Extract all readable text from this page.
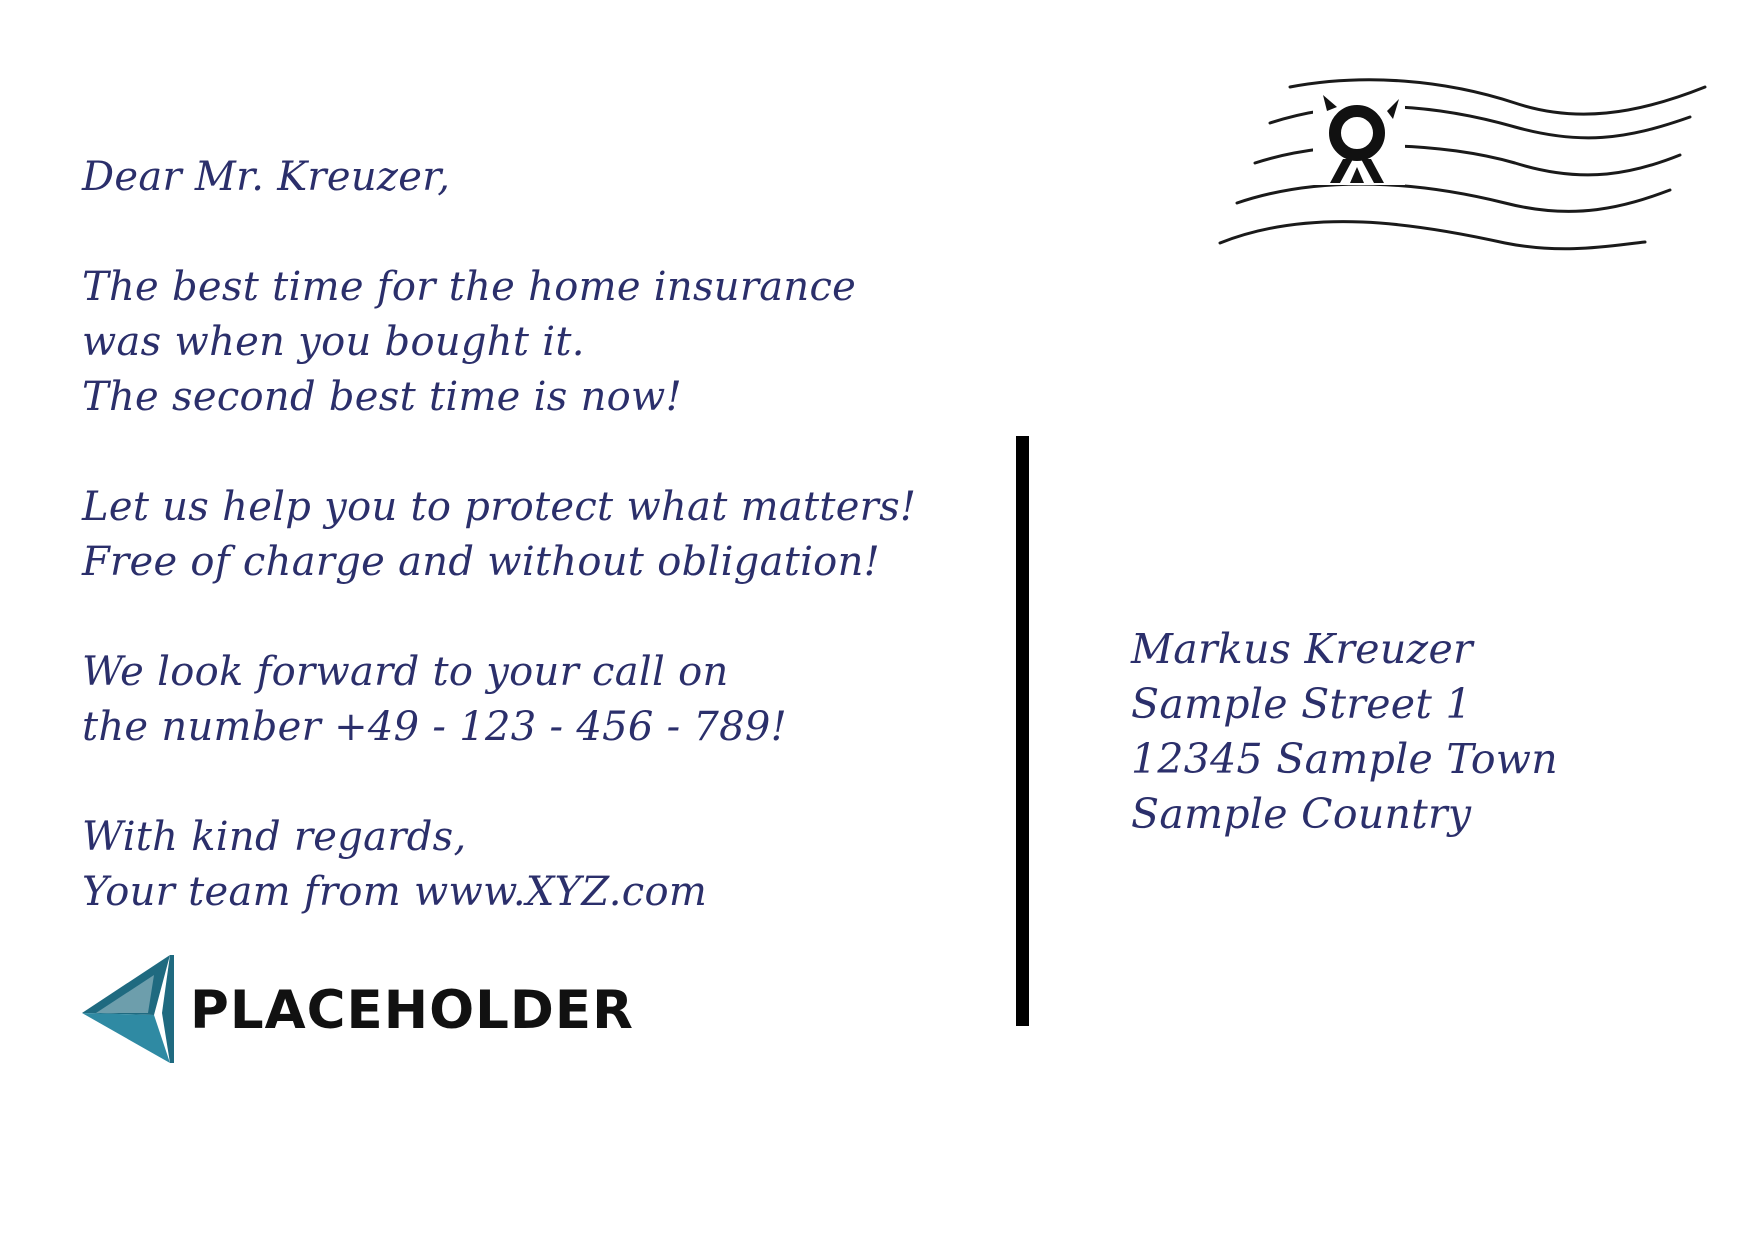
Dear Mr. Kreuzer,
The best time for the home insurance
was when you bought it.
The second best time is now!
Let us help you to protect what matters!
Free of charge and without obligation!
We look forward to your call on
the number +49 - 123 - 456 - 789!
With kind regards,
Your team from www.XYZ.com
PLACEHOLDER
Markus Kreuzer
Sample Street 1
12345 Sample Town
Sample Country
